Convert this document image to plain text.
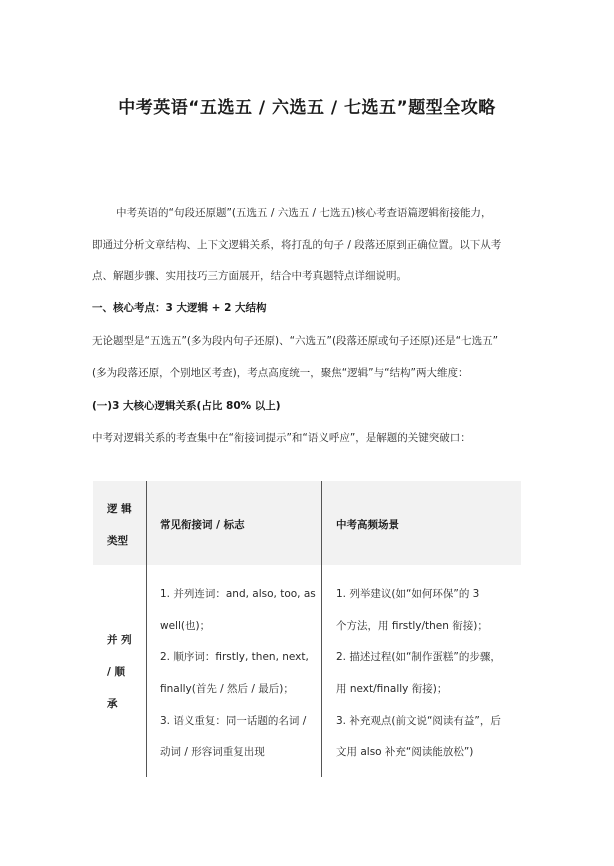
中考英语“五选五 / 六选五 / 七选五”题型全攻略
中考英语的“句段还原题”(五选五 / 六选五 / 七选五)核心考查语篇逻辑衔接能力，
即通过分析文章结构、上下文逻辑关系，将打乱的句子 / 段落还原到正确位置。以下从考
点、解题步骤、实用技巧三方面展开，结合中考真题特点详细说明。
一、核心考点：3 大逻辑 + 2 大结构
无论题型是“五选五”(多为段内句子还原)、“六选五”(段落还原或句子还原)还是“七选五”
(多为段落还原，个别地区考查)，考点高度统一，聚焦“逻辑”与“结构”两大维度：
(一)3 大核心逻辑关系(占比 80% 以上)
中考对逻辑关系的考查集中在“衔接词提示”和“语义呼应”，是解题的关键突破口：
逻 辑
类型
常见衔接词 / 标志	中考高频场景
并 列
/ 顺
承
1. 并列连词：and, also, too, as
well(也)；
2. 顺序词：firstly, then, next,
finally(首先 / 然后 / 最后)；
3. 语义重复：同一话题的名词 /
动词 / 形容词重复出现
1. 列举建议(如“如何环保”的 3
个方法，用 firstly/then 衔接)；
2. 描述过程(如“制作蛋糕”的步骤，
用 next/finally 衔接)；
3. 补充观点(前文说“阅读有益”，后
文用 also 补充“阅读能放松”)
